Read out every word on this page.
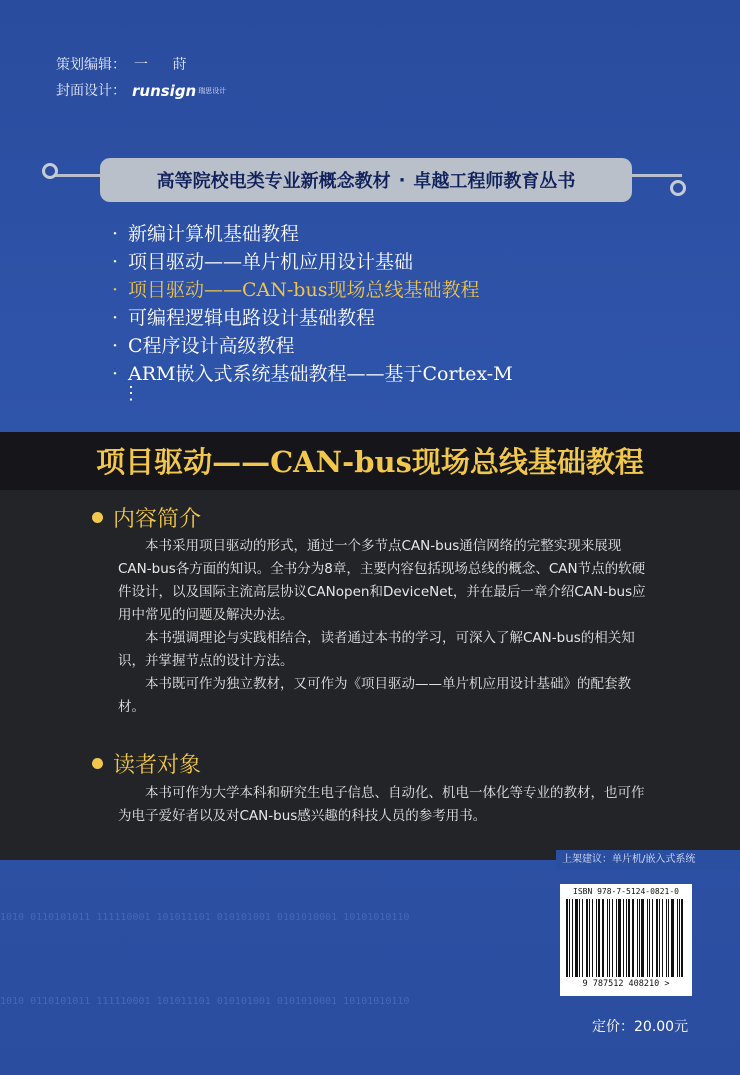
策划编辑： 一 莳
封面设计： runsign 瑞思设计
高等院校电类专业新概念教材 · 卓越工程师教育丛书
· 新编计算机基础教程
· 项目驱动——单片机应用设计基础
· 项目驱动——CAN-bus现场总线基础教程
· 可编程逻辑电路设计基础教程
· C程序设计高级教程
· ARM嵌入式系统基础教程——基于Cortex-M
⋮
项目驱动——CAN-bus现场总线基础教程
内容简介

本书采用项目驱动的形式，通过一个多节点CAN-bus通信网络的完整实现来展现CAN-bus各方面的知识。全书分为8章，主要内容包括现场总线的概念、CAN节点的软硬件设计，以及国际主流高层协议CANopen和DeviceNet，并在最后一章介绍CAN-bus应用中常见的问题及解决办法。

本书强调理论与实践相结合，读者通过本书的学习，可深入了解CAN-bus的相关知识，并掌握节点的设计方法。

本书既可作为独立教材，又可作为《项目驱动——单片机应用设计基础》的配套教材。

读者对象

本书可作为大学本科和研究生电子信息、自动化、机电一体化等专业的教材，也可作为电子爱好者以及对CAN-bus感兴趣的科技人员的参考用书。

上架建议：单片机/嵌入式系统
1010 0110101011 111110001 101011101 010101001 0101010001 10101010110
1010 0110101011 111110001 101011101 010101001 0101010001 10101010110
ISBN 978-7-5124-0821-0
9 787512 408210 >
定价：20.00元
